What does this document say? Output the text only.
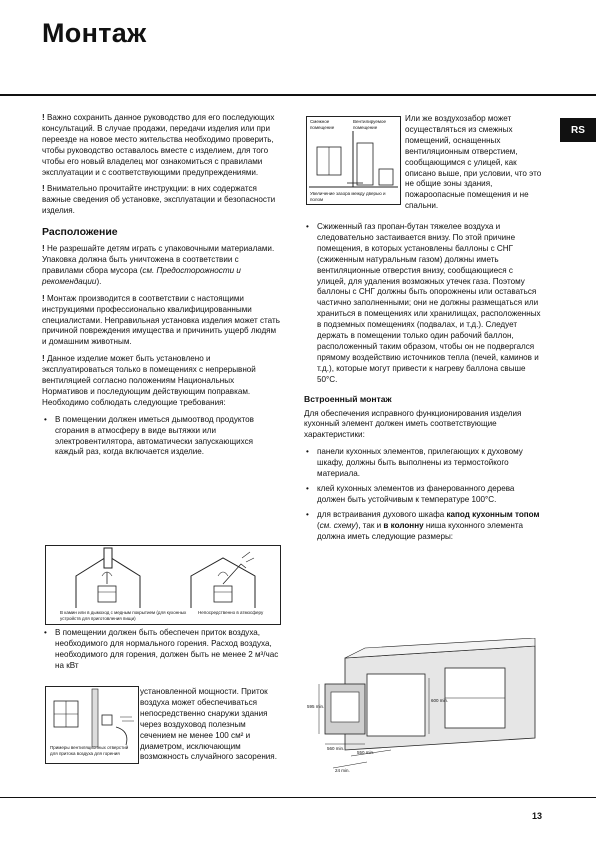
Монтаж
RS

! Важно сохранить данное руководство для его последующих консультаций. В случае продажи, передачи изделия или при переезде на новое место жительства необходимо проверить, чтобы руководство оставалось вместе с изделием, для того чтобы его новый владелец мог ознакомиться с правилами эксплуатации и с соответствующими предупреждениями.

! Внимательно прочитайте инструкции: в них содержатся важные сведения об установке, эксплуатации и безопасности изделия.

Расположение

! Не разрешайте детям играть с упаковочными материалами. Упаковка должна быть уничтожена в соответствии с правилами сбора мусора (см. Предосторожности и рекомендации).

! Монтаж производится в соответствии с настоящими инструкциями профессионально квалифицированными специалистами. Неправильная установка изделия может стать причиной повреждения имущества и причинить ущерб людям и домашним животным.

! Данное изделие может быть установлено и эксплуатироваться только в помещениях с непрерывной вентиляцией согласно положениям Национальных Нормативов и последующим действующим поправкам. Необходимо соблюдать следующие требования:

• В помещении должен иметься дымоотвод продуктов сгорания в атмосферу в виде вытяжки или электровентилятора, автоматически запускающихся каждый раз, когда включается изделие.
В камин или в дымоход с медным покрытием (для кухонных устройств для приготовления пищи)
Непосредственно в атмосферу
• В помещении должен быть обеспечен приток воздуха, необходимого для нормального горения. Расход воздуха, необходимого для горения, должен быть не менее 2 м³/час на кВт
Примеры вентиляционных отверстий для притока воздуха для горения

установленной мощности. Приток воздуха может обеспечиваться непосредственно снаружи здания через воздуховод полезным сечением не менее 100 см² и диаметром, исключающим возможность случайного засорения.

Смежное помещение
Вентилируемое помещение
Увеличение зазора между дверью и полом

Или же воздухозабор может осуществляться из смежных помещений, оснащенных вентиляционным отверстием, сообщающимся с улицей, как описано выше, при условии, что это не общие зоны здания, пожароопасные помещения и не спальни.

• Сжиженный газ пропан-бутан тяжелее воздуха и следовательно застаивается внизу. По этой причине помещения, в которых установлены баллоны с СНГ (сжиженным натуральным газом) должны иметь вентиляционные отверстия внизу, сообщающиеся с улицей, для удаления возможных утечек газа. Поэтому баллоны с СНГ должны быть опорожнены или оставаться частично заполненными; они не должны размещаться или храниться в помещениях или хранилищах, расположенных в подземных помещениях (подвалах, и т.д.). Следует держать в помещении только один рабочий баллон, расположенный таким образом, чтобы он не подвергался прямому воздействию источников тепла (печей, каминов и т.д.), которые могут привести к нагреву баллона свыше 50°C.
Встроенный монтаж

Для обеспечения исправного функционирования изделия кухонный элемент должен иметь соответствующие характеристики:

• панели кухонных элементов, прилегающих к духовому шкафу, должны быть выполнены из термостойкого материала.
• клей кухонных элементов из фанерованного дерева должен быть устойчивым к температуре 100°C.
• для встраивания духового шкафа капод кухонным топом (см. схему), так и в колонну ниша кухонного элемента должна иметь следующие размеры:
595 min.
560 min.
550 min.
600 min.
24 min.
13
